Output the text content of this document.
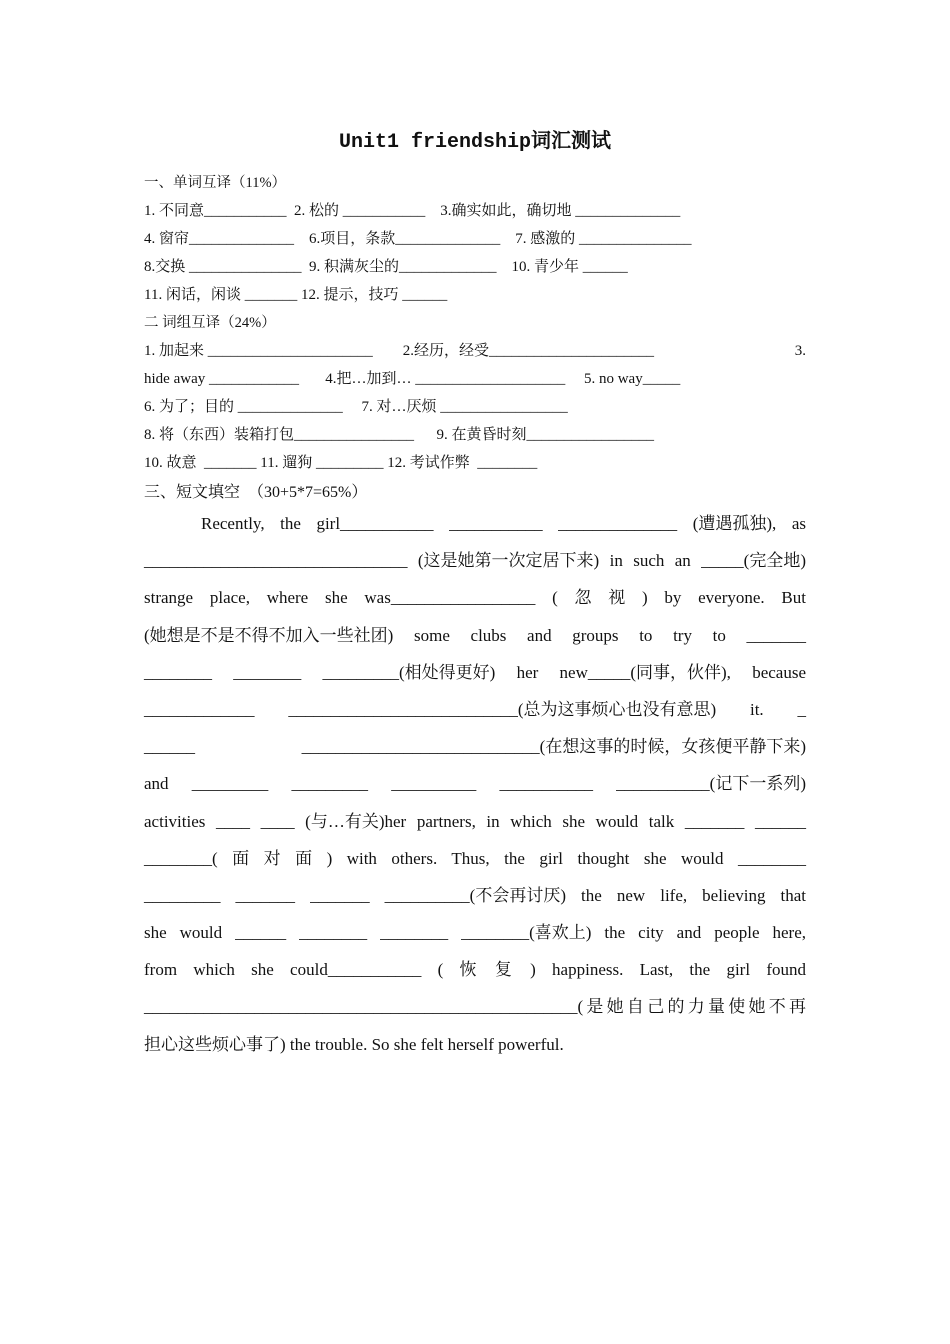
Unit1 friendship词汇测试
一、单词互译（11%）
1. 不同意___________  2. 松的 ___________    3.确实如此，确切地 ______________
4. 窗帘______________    6.项目，条款______________    7. 感激的 _______________
8.交换 _______________  9. 积满灰尘的_____________    10. 青少年 ______
11. 闲话，闲谈 _______ 12. 提示，技巧 ______
二 词组互译（24%）
1. 加起来 ______________________        2.经历，经受______________________	3.
hide away ____________       4.把…加到… ____________________     5. no way_____
6. 为了；目的 ______________     7. 对…厌烦 _________________
8. 将（东西）装箱打包________________      9. 在黄昏时刻_________________
10. 故意  _______ 11. 遛狗 _________ 12. 考试作弊  ________
三、短文填空  （30+5*7=65%）
Recently, the girl___________ ___________ ______________ (遭遇孤独), as
_______________________________ (这是她第一次定居下来) in such an _____(完全地)
strange place, where she was_________________ ( 忽 视 ) by everyone. But
(她想是不是不得不加入一些社团) some clubs and groups to try to _______
________ ________ _________(相处得更好) her new_____(同事，伙伴), because
_____________ ___________________________(总为这事烦心也没有意思) it. _
______ ____________________________(在想这事的时候，女孩便平静下来)
and _________ _________ __________ ___________ ___________(记下一系列)
activities ____ ____ (与…有关)her partners, in which she would talk _______ ______
________( 面 对 面 ) with others. Thus, the girl thought she would ________
_________ _______ _______ __________(不会再讨厌) the new life, believing that
she would ______ ________ ________ ________(喜欢上) the city and people here,
from which she could___________ ( 恢 复 ) happiness. Last, the girl found
___________________________________________________(是她自己的力量使她不再
担心这些烦心事了) the trouble. So she felt herself powerful.
